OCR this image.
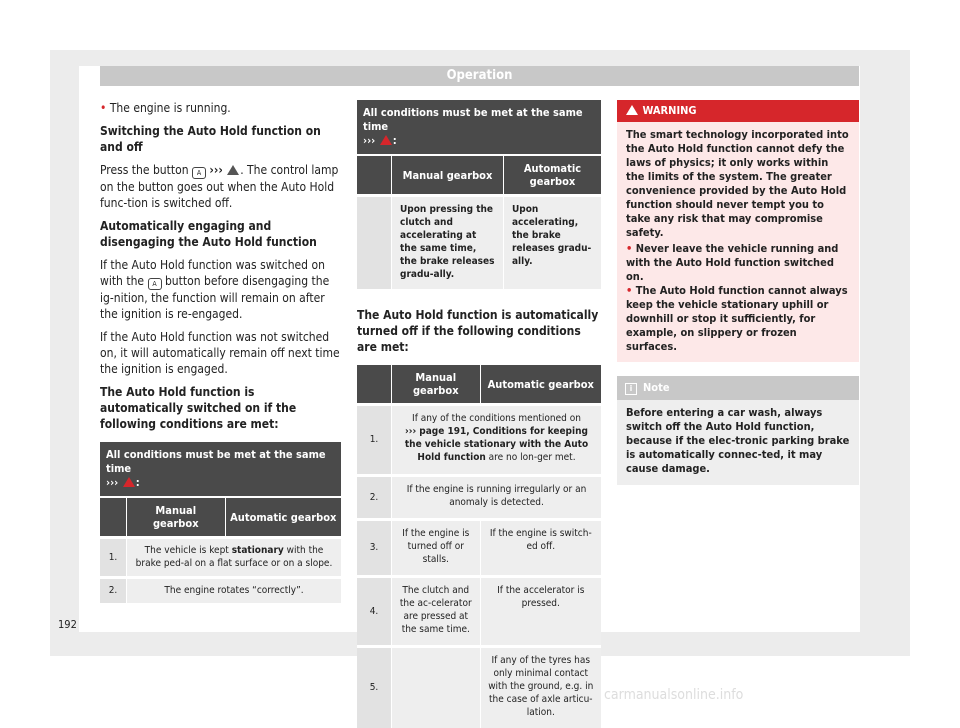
Operation

• The engine is running.

Switching the Auto Hold function on and off

Press the button A ››› . The control lamp on the button goes out when the Auto Hold func-tion is switched off.

Automatically engaging and disengaging the Auto Hold function

If the Auto Hold function was switched on with the A button before disengaging the ig-nition, the function will remain on after the ignition is re-engaged.

If the Auto Hold function was not switched on, it will automatically remain off next time the ignition is engaged.

The Auto Hold function is automatically switched on if the following conditions are met:

All conditions must be met at the same time
››› :		
	Manual gearbox	Automatic gearbox
1.	The vehicle is kept stationary with the brake ped-al on a flat surface or on a slope.	
2.	The engine rotates “correctly”.	
All conditions must be met at the same time
››› :		
	Manual gearbox	Automatic gearbox
	Upon pressing the clutch and accelerating at the same time, the brake releases gradu-ally.	Upon accelerating, the brake releases gradu-ally.

The Auto Hold function is automatically turned off if the following conditions are met:

	Manual gearbox	Automatic gearbox
1.	If any of the conditions mentioned on
››› page 191, Conditions for keeping the vehicle stationary with the Auto Hold function are no lon-ger met.	
2.	If the engine is running irregularly or an anomaly is detected.	
3.	If the engine is turned off or stalls.	If the engine is switch-ed off.
4.	The clutch and the ac-celerator are pressed at the same time.	If the accelerator is pressed.
5.		If any of the tyres has only minimal contact with the ground, e.g. in the case of axle articu-lation.
WARNING
The smart technology incorporated into the Auto Hold function cannot defy the laws of physics; it only works within the limits of the system. The greater convenience provided by the Auto Hold function should never tempt you to take any risk that may compromise safety.
• Never leave the vehicle running and with the Auto Hold function switched on.
• The Auto Hold function cannot always keep the vehicle stationary uphill or downhill or stop it sufficiently, for example, on slippery or frozen surfaces.
i Note
Before entering a car wash, always switch off the Auto Hold function, because if the elec-tronic parking brake is automatically connec-ted, it may cause damage.
192
carmanualsonline.info
